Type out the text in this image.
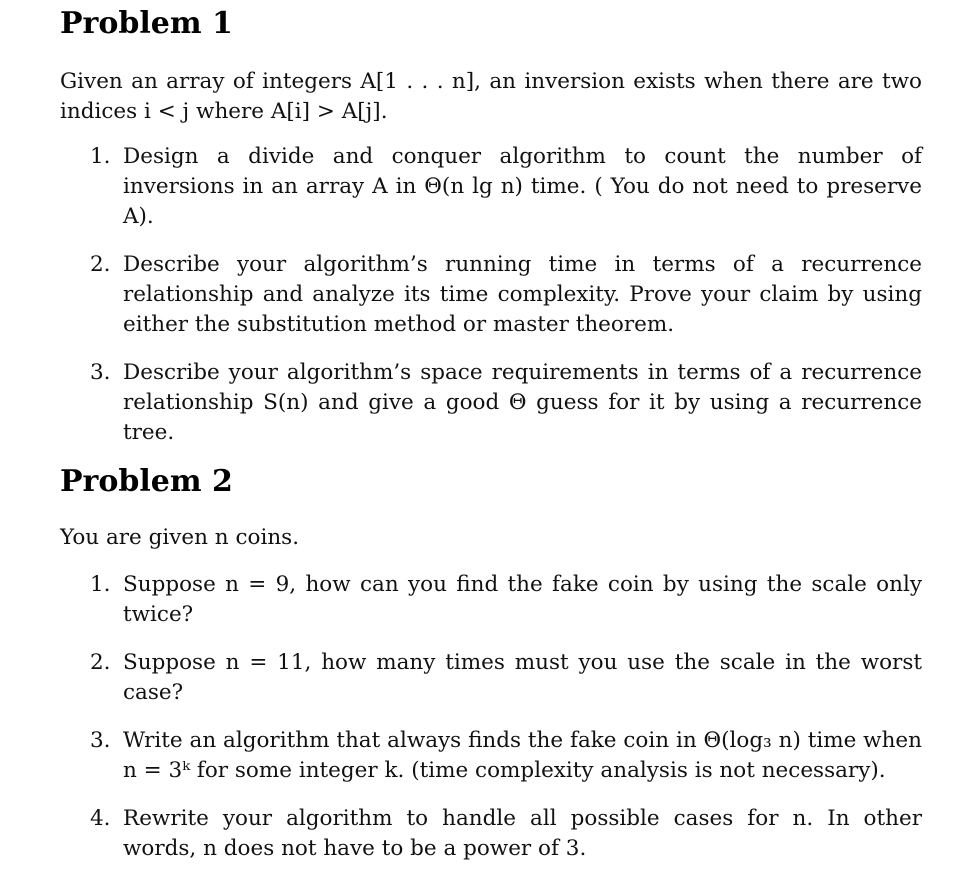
Problem 1

Given an array of integers A[1 . . . n], an inversion exists when there are two indices i < j where A[i] > A[j].

1. Design a divide and conquer algorithm to count the number of inversions in an array A in Θ(n lg n) time. ( You do not need to preserve A).
2. Describe your algorithm’s running time in terms of a recurrence relationship and analyze its time complexity. Prove your claim by using either the substitution method or master theorem.
3. Describe your algorithm’s space requirements in terms of a recurrence relationship S(n) and give a good Θ guess for it by using a recurrence tree.
Problem 2

You are given n coins.

1. Suppose n = 9, how can you find the fake coin by using the scale only twice?
2. Suppose n = 11, how many times must you use the scale in the worst case?
3. Write an algorithm that always finds the fake coin in Θ(log₃ n) time when n = 3ᵏ for some integer k. (time complexity analysis is not necessary).
4. Rewrite your algorithm to handle all possible cases for n. In other words, n does not have to be a power of 3.
